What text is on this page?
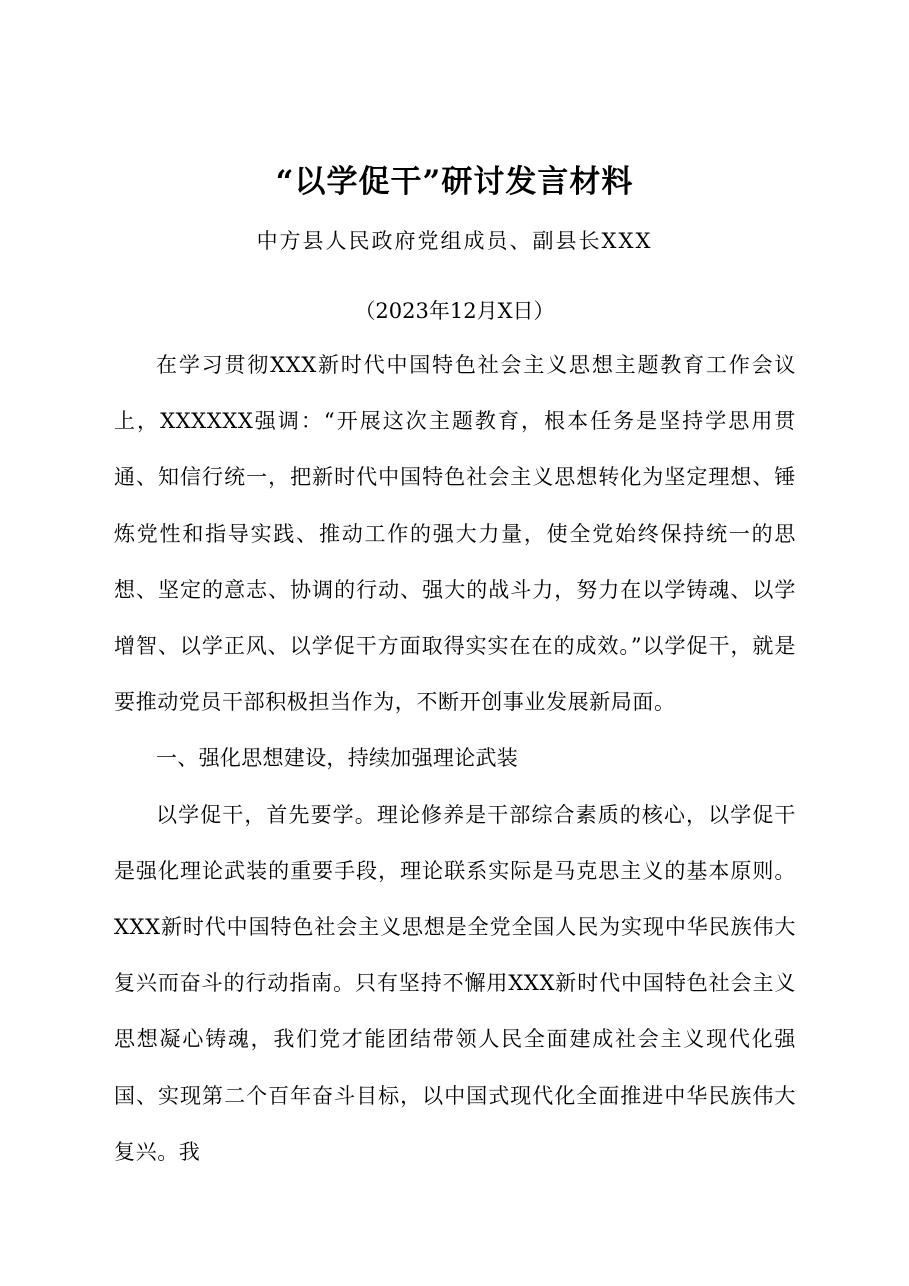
“以学促干”研讨发言材料
中方县人民政府党组成员、副县长XXX
（2023年12月X日）

在学习贯彻XXX新时代中国特色社会主义思想主题教育工作会议上，XXXXXX强调：“开展这次主题教育，根本任务是坚持学思用贯通、知信行统一，把新时代中国特色社会主义思想转化为坚定理想、锤炼党性和指导实践、推动工作的强大力量，使全党始终保持统一的思想、坚定的意志、协调的行动、强大的战斗力，努力在以学铸魂、以学增智、以学正风、以学促干方面取得实实在在的成效。”以学促干，就是要推动党员干部积极担当作为，不断开创事业发展新局面。

一、强化思想建设，持续加强理论武装

以学促干，首先要学。理论修养是干部综合素质的核心，以学促干是强化理论武装的重要手段，理论联系实际是马克思主义的基本原则。XXX新时代中国特色社会主义思想是全党全国人民为实现中华民族伟大复兴而奋斗的行动指南。只有坚持不懈用XXX新时代中国特色社会主义思想凝心铸魂，我们党才能团结带领人民全面建成社会主义现代化强国、实现第二个百年奋斗目标，以中国式现代化全面推进中华民族伟大复兴。我
